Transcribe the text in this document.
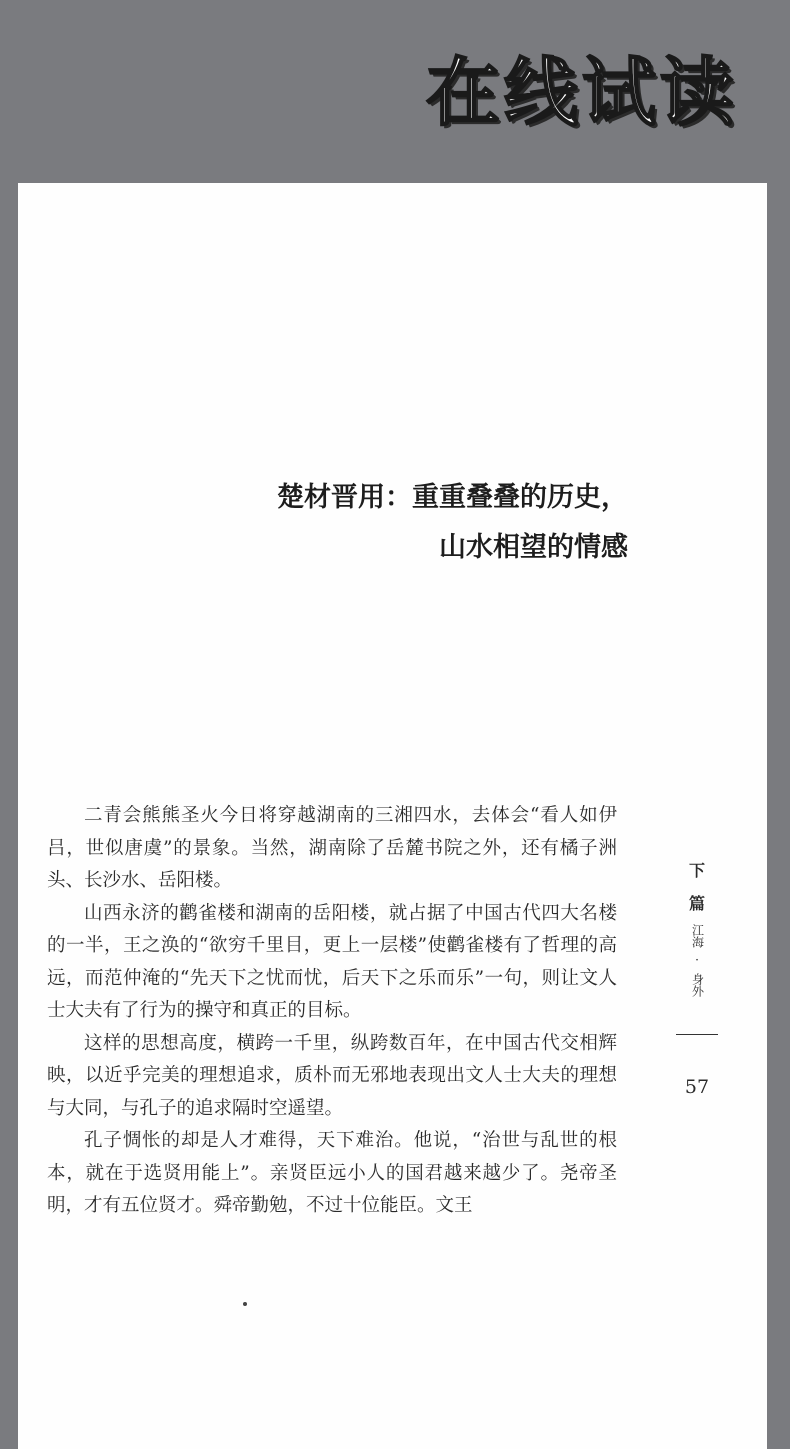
在线试读
楚材晋用：重重叠叠的历史，
山水相望的情感

二青会熊熊圣火今日将穿越湖南的三湘四水，去体会“看人如伊吕，世似唐虞”的景象。当然，湖南除了岳麓书院之外，还有橘子洲头、长沙水、岳阳楼。

山西永济的鹳雀楼和湖南的岳阳楼，就占据了中国古代四大名楼的一半，王之涣的“欲穷千里目，更上一层楼”使鹳雀楼有了哲理的高远，而范仲淹的“先天下之忧而忧，后天下之乐而乐”一句，则让文人士大夫有了行为的操守和真正的目标。

这样的思想高度，横跨一千里，纵跨数百年，在中国古代交相辉映，以近乎完美的理想追求，质朴而无邪地表现出文人士大夫的理想与大同，与孔子的追求隔时空遥望。

孔子惆怅的却是人才难得，天下难治。他说，“治世与乱世的根本，就在于选贤用能上”。亲贤臣远小人的国君越来越少了。尧帝圣明，才有五位贤才。舜帝勤勉，不过十位能臣。文王

下
篇
江海
·
身外
57
